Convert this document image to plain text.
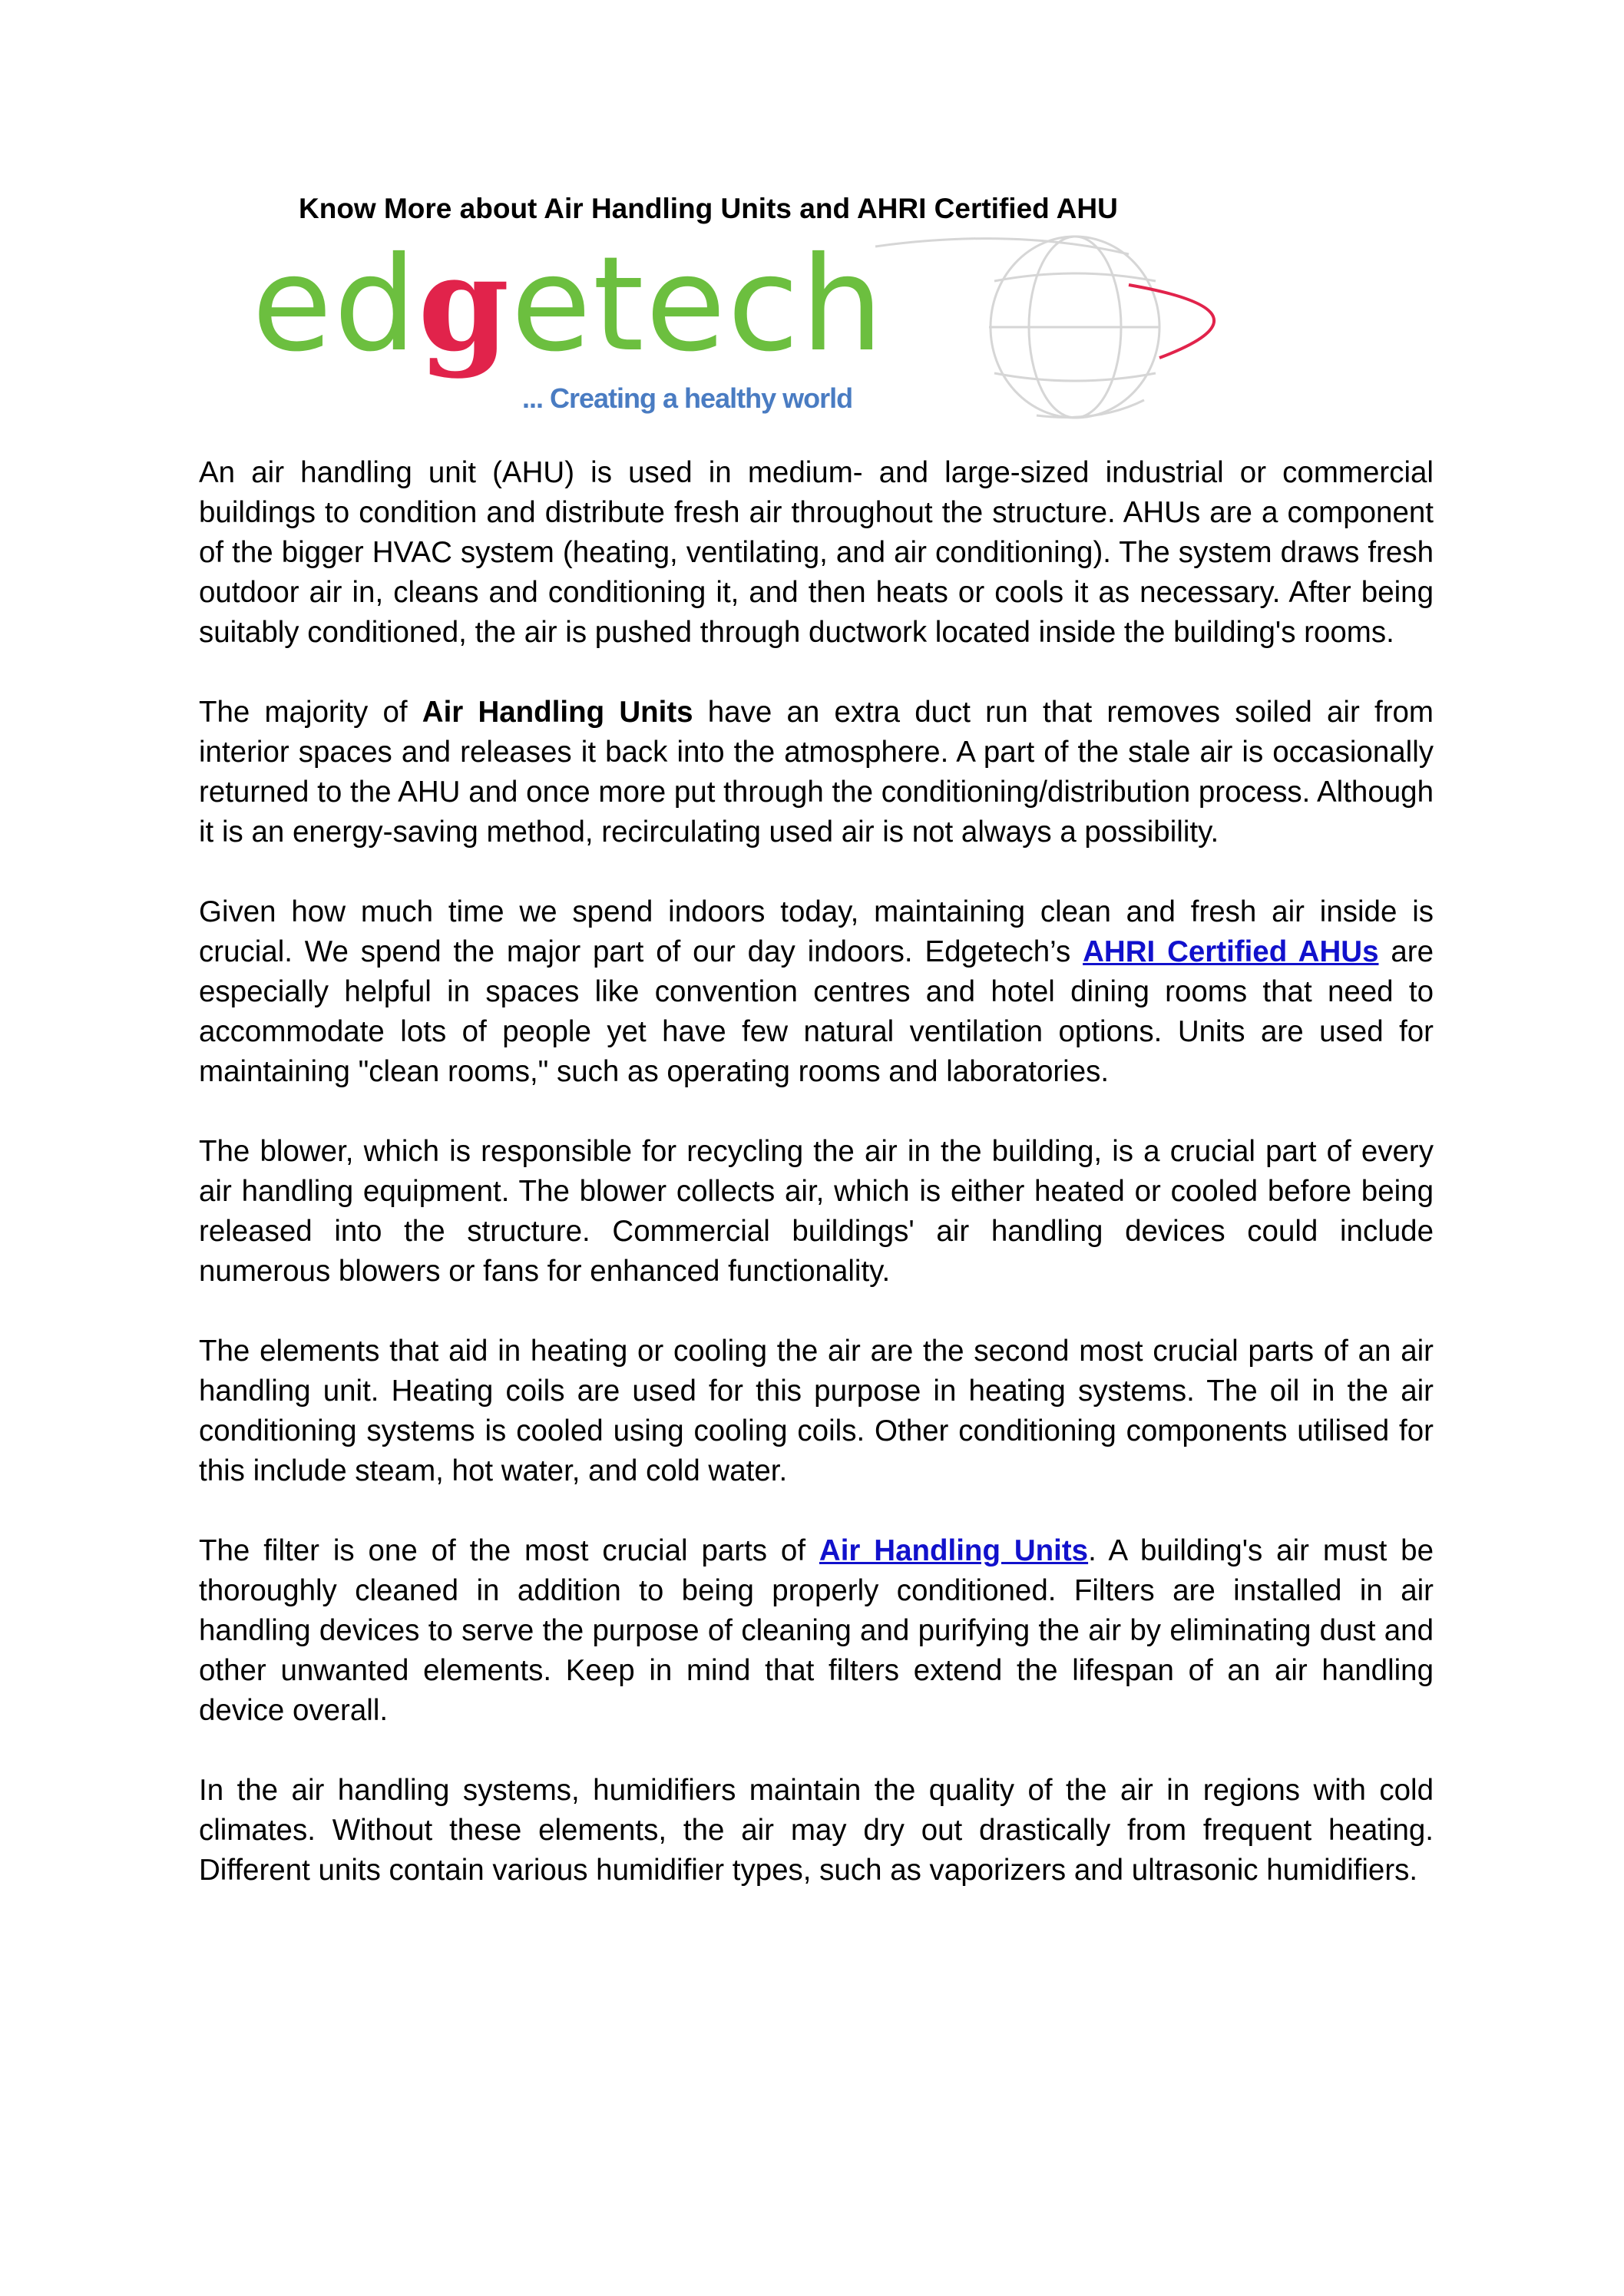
Know More about Air Handling Units and AHRI Certified AHU
edgetech
... Creating a healthy world

An air handling unit (AHU) is used in medium- and large-sized industrial or commercial buildings to condition and distribute fresh air throughout the structure. AHUs are a component of the bigger HVAC system (heating, ventilating, and air conditioning). The system draws fresh outdoor air in, cleans and conditioning it, and then heats or cools it as necessary. After being suitably conditioned, the air is pushed through ductwork located inside the building's rooms.

The majority of Air Handling Units have an extra duct run that removes soiled air from interior spaces and releases it back into the atmosphere. A part of the stale air is occasionally returned to the AHU and once more put through the conditioning/distribution process. Although it is an energy-saving method, recirculating used air is not always a possibility.

Given how much time we spend indoors today, maintaining clean and fresh air inside is crucial. We spend the major part of our day indoors. Edgetech’s AHRI Certified AHUs are especially helpful in spaces like convention centres and hotel dining rooms that need to accommodate lots of people yet have few natural ventilation options. Units are used for maintaining "clean rooms," such as operating rooms and laboratories.

The blower, which is responsible for recycling the air in the building, is a crucial part of every air handling equipment. The blower collects air, which is either heated or cooled before being released into the structure. Commercial buildings' air handling devices could include numerous blowers or fans for enhanced functionality.

The elements that aid in heating or cooling the air are the second most crucial parts of an air handling unit. Heating coils are used for this purpose in heating systems. The oil in the air conditioning systems is cooled using cooling coils. Other conditioning components utilised for this include steam, hot water, and cold water.

The filter is one of the most crucial parts of Air Handling Units. A building's air must be thoroughly cleaned in addition to being properly conditioned. Filters are installed in air handling devices to serve the purpose of cleaning and purifying the air by eliminating dust and other unwanted elements. Keep in mind that filters extend the lifespan of an air handling device overall.

In the air handling systems, humidifiers maintain the quality of the air in regions with cold climates. Without these elements, the air may dry out drastically from frequent heating. Different units contain various humidifier types, such as vaporizers and ultrasonic humidifiers.
